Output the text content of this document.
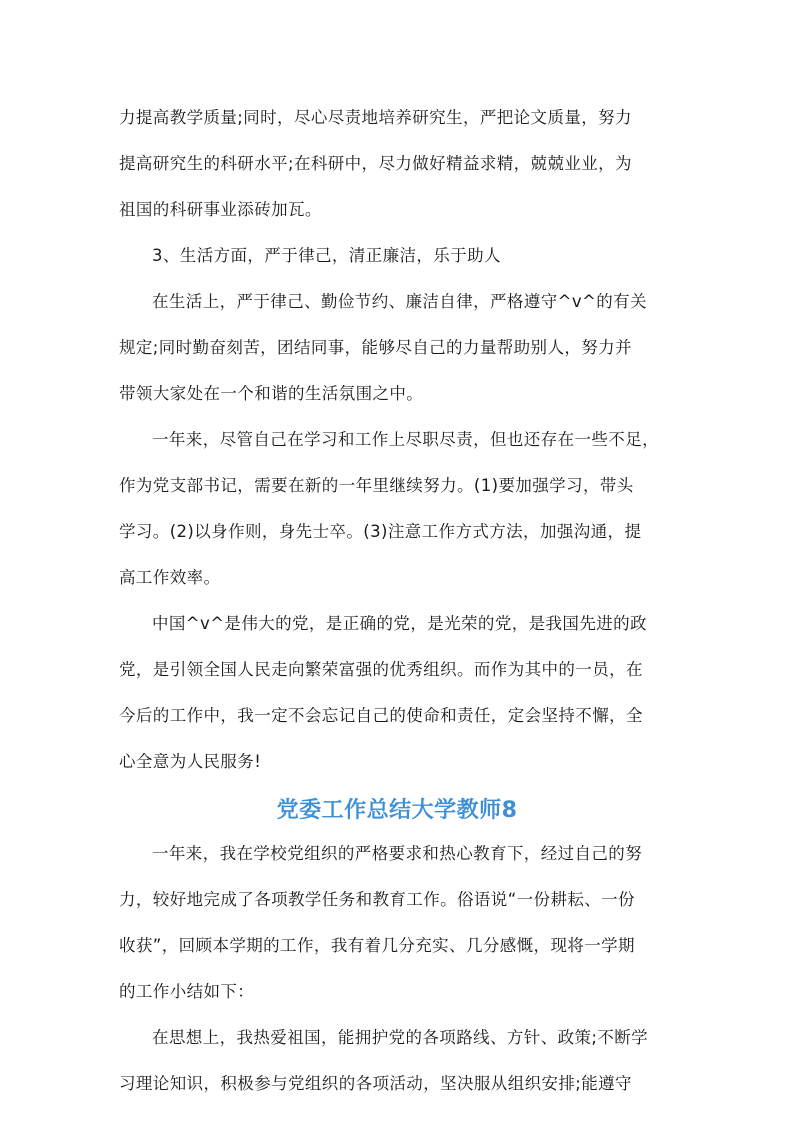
力提高教学质量;同时，尽心尽责地培养研究生，严把论文质量，努力
提高研究生的科研水平;在科研中，尽力做好精益求精，兢兢业业，为
祖国的科研事业添砖加瓦。

3、生活方面，严于律己，清正廉洁，乐于助人

在生活上，严于律己、勤俭节约、廉洁自律，严格遵守^v^的有关
规定;同时勤奋刻苦，团结同事，能够尽自己的力量帮助别人，努力并
带领大家处在一个和谐的生活氛围之中。

一年来，尽管自己在学习和工作上尽职尽责，但也还存在一些不足，
作为党支部书记，需要在新的一年里继续努力。(1)要加强学习，带头
学习。(2)以身作则，身先士卒。(3)注意工作方式方法，加强沟通，提
高工作效率。

中国^v^是伟大的党，是正确的党，是光荣的党，是我国先进的政
党，是引领全国人民走向繁荣富强的优秀组织。而作为其中的一员，在
今后的工作中，我一定不会忘记自己的使命和责任，定会坚持不懈，全
心全意为人民服务!

党委工作总结大学教师8

一年来，我在学校党组织的严格要求和热心教育下，经过自己的努
力，较好地完成了各项教学任务和教育工作。俗语说“一份耕耘、一份
收获”，回顾本学期的工作，我有着几分充实、几分感慨，现将一学期
的工作小结如下：

在思想上，我热爱祖国，能拥护党的各项路线、方针、政策;不断学
习理论知识，积极参与党组织的各项活动，坚决服从组织安排;能遵守
